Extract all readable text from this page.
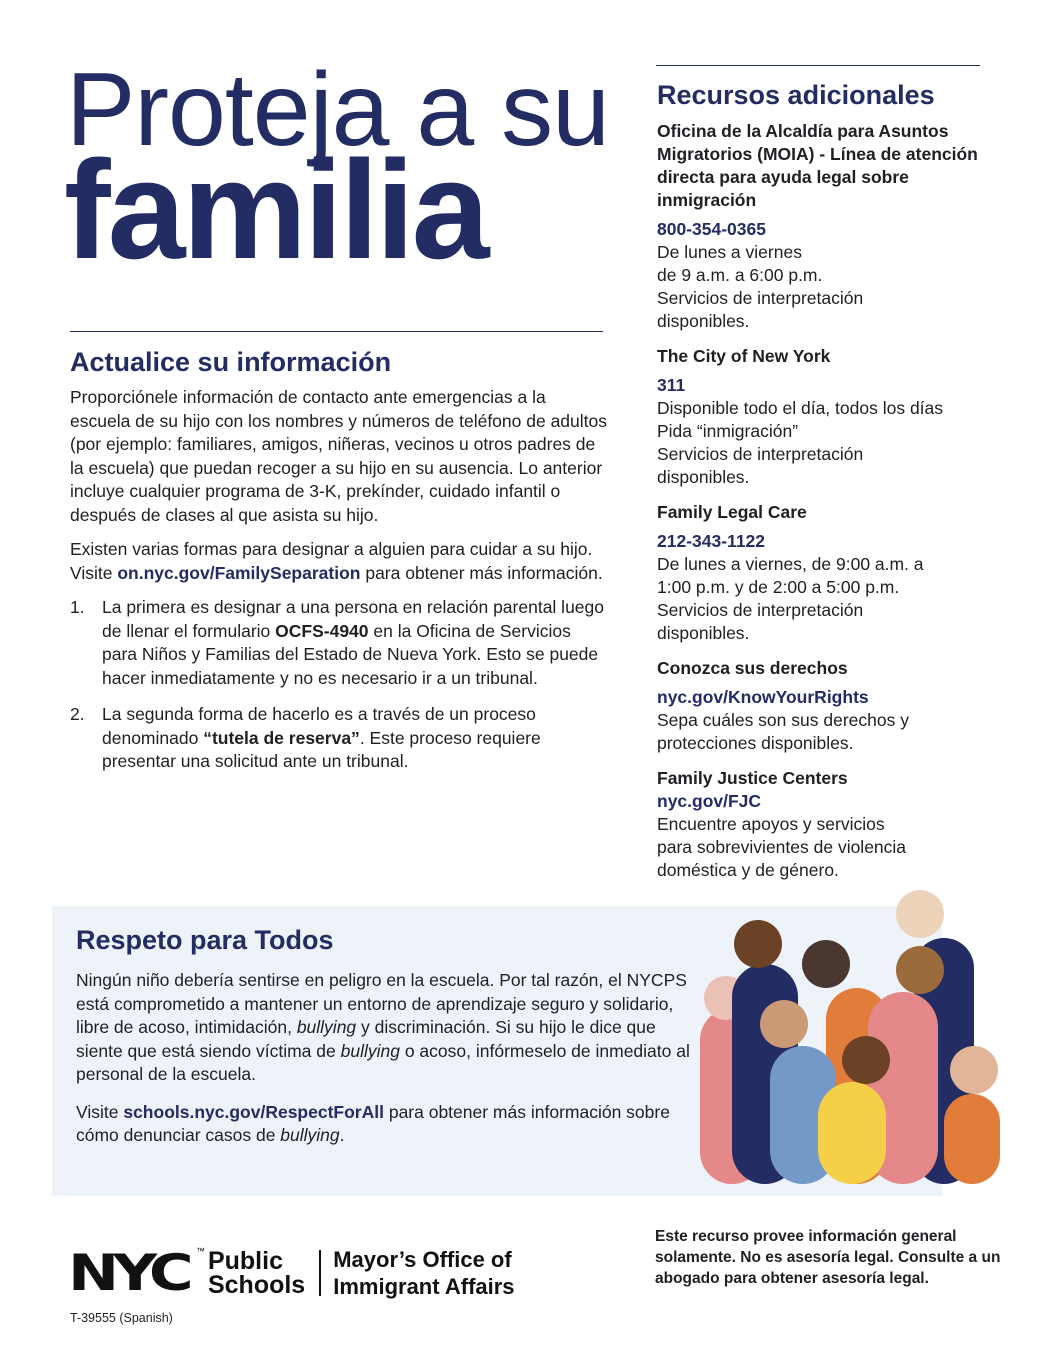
Proteja a su
familia
Actualice su información

Proporciónele información de contacto ante emergencias a la escuela de su hijo con los nombres y números de teléfono de adultos (por ejemplo: familiares, amigos, niñeras, vecinos u otros padres de la escuela) que puedan recoger a su hijo en su ausencia. Lo anterior incluye cualquier programa de 3-K, prekínder, cuidado infantil o después de clases al que asista su hijo.

Existen varias formas para designar a alguien para cuidar a su hijo. Visite on.nyc.gov/FamilySeparation para obtener más información.

1. La primera es designar a una persona en relación parental luego de llenar el formulario OCFS-4940 en la Oficina de Servicios para Niños y Familias del Estado de Nueva York. Esto se puede hacer inmediatamente y no es necesario ir a un tribunal.
2. La segunda forma de hacerlo es a través de un proceso denominado “tutela de reserva”. Este proceso requiere presentar una solicitud ante un tribunal.
Recursos adicionales
Oficina de la Alcaldía para Asuntos Migratorios (MOIA) - Línea de atención directa para ayuda legal sobre inmigración
800-354-0365
De lunes a viernes
de 9 a.m. a 6:00 p.m.
Servicios de interpretación
disponibles.
The City of New York
311
Disponible todo el día, todos los días
Pida “inmigración”
Servicios de interpretación
disponibles.
Family Legal Care
212-343-1122
De lunes a viernes, de 9:00 a.m. a
1:00 p.m. y de 2:00 a 5:00 p.m.
Servicios de interpretación
disponibles.
Conozca sus derechos
nyc.gov/KnowYourRights
Sepa cuáles son sus derechos y
protecciones disponibles.
Family Justice Centers
nyc.gov/FJC
Encuentre apoyos y servicios
para sobrevivientes de violencia
doméstica y de género.
Respeto para Todos

Ningún niño debería sentirse en peligro en la escuela. Por tal razón, el NYCPS está comprometido a mantener un entorno de aprendizaje seguro y solidario, libre de acoso, intimidación, bullying y discriminación. Si su hijo le dice que siente que está siendo víctima de bullying o acoso, infórmeselo de inmediato al personal de la escuela.

Visite schools.nyc.gov/RespectForAll para obtener más información sobre cómo denunciar casos de bullying.

NYC ™ Public
Schools
Mayor’s Office of
Immigrant Affairs
Este recurso provee información general solamente. No es asesoría legal. Consulte a un abogado para obtener asesoría legal.
T-39555 (Spanish)
